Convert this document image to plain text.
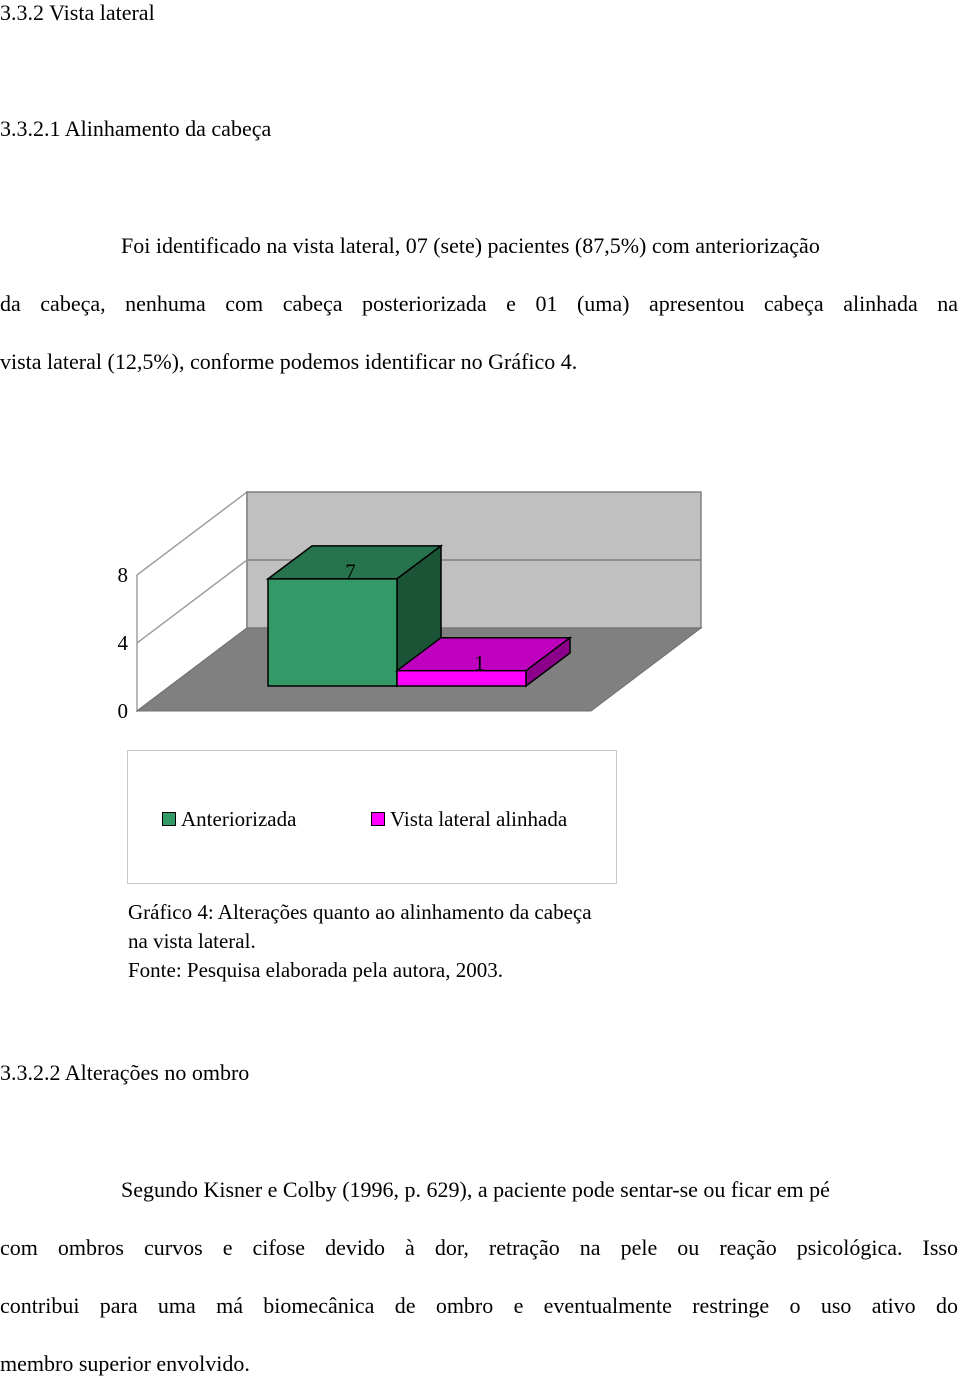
3.3.2 Vista lateral
3.3.2.1 Alinhamento da cabeça
Foi identificado na vista lateral, 07 (sete) pacientes (87,5%) com anteriorização
da cabeça, nenhuma com cabeça posteriorizada e 01 (uma) apresentou cabeça alinhada na
vista lateral (12,5%), conforme podemos identificar no Gráfico 4.
0
4
8	7
1
Anteriorizada	Vista lateral alinhada
Gráfico 4: Alterações quanto ao alinhamento da cabeça
na vista lateral.
Fonte: Pesquisa elaborada pela autora, 2003.
3.3.2.2 Alterações no ombro
Segundo Kisner e Colby (1996, p. 629), a paciente pode sentar-se ou ficar em pé
com ombros curvos e cifose devido à dor, retração na pele ou reação psicológica. Isso
contribui para uma má biomecânica de ombro e eventualmente restringe o uso ativo do
membro superior envolvido.
